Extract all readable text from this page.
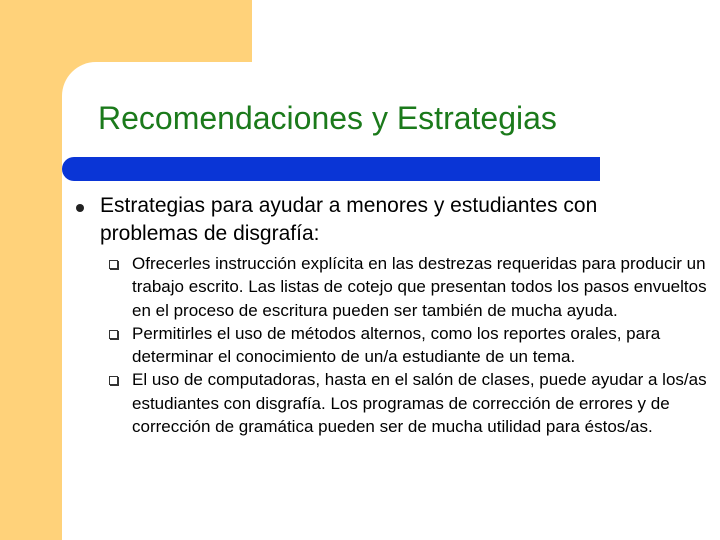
Recomendaciones y Estrategias

Estrategias para ayudar a menores y estudiantes con problemas de disgrafía:

Ofrecerles instrucción explícita en las destrezas requeridas para producir un trabajo escrito. Las listas de cotejo que presentan todos los pasos envueltos en el proceso de escritura pueden ser también de mucha ayuda.
Permitirles el uso de métodos alternos, como los reportes orales, para determinar el conocimiento de un/a estudiante de un tema.
El uso de computadoras, hasta en el salón de clases, puede ayudar a los/as estudiantes con disgrafía. Los programas de corrección de errores y de corrección de gramática pueden ser de mucha utilidad para éstos/as.
